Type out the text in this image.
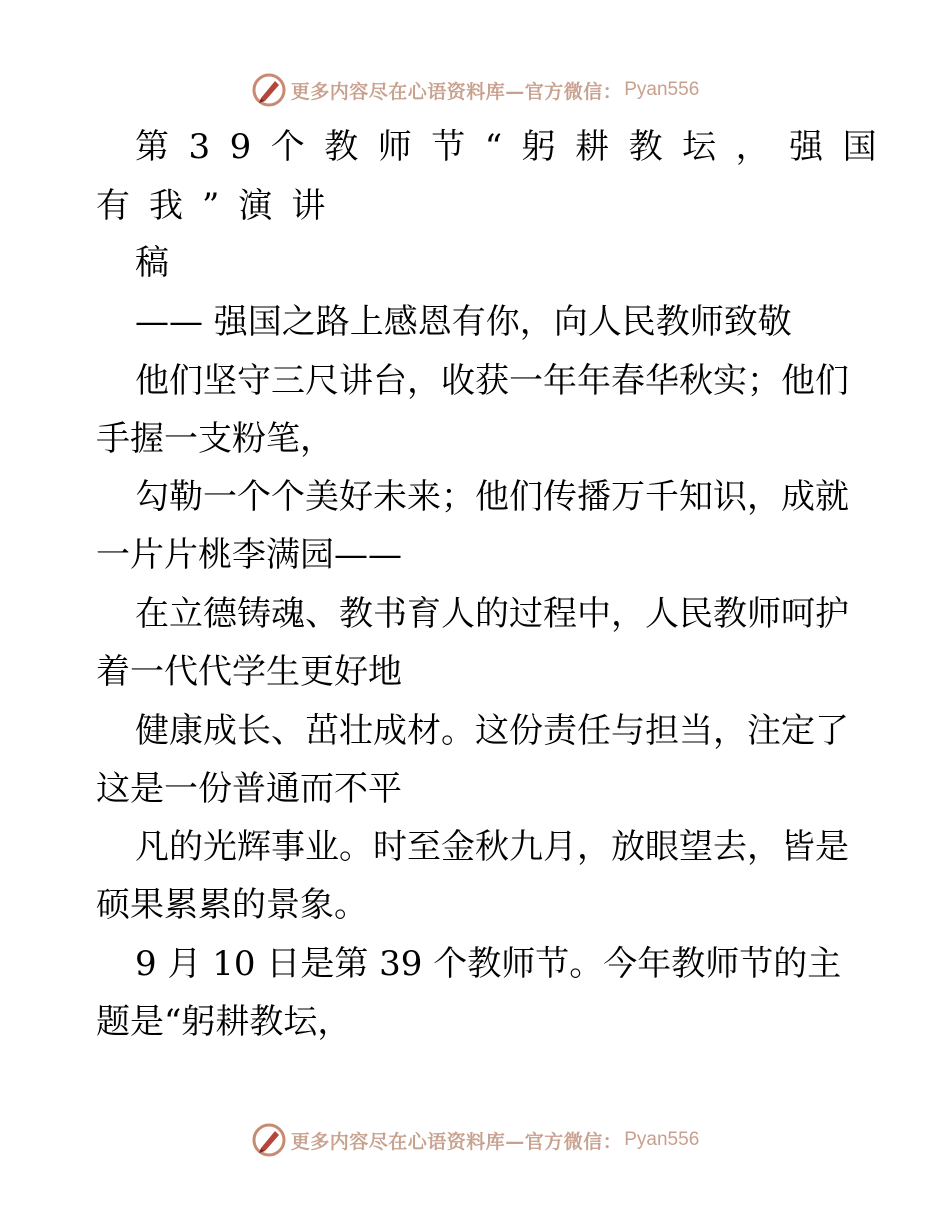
更多内容尽在心语资料库—官方微信： Pyan556
第39个教师节“躬耕教坛，强国
有我”演讲
稿
—— 强国之路上感恩有你，向人民教师致敬
他们坚守三尺讲台，收获一年年春华秋实；他们
手握一支粉笔，
勾勒一个个美好未来；他们传播万千知识，成就
一片片桃李满园——
在立德铸魂、教书育人的过程中，人民教师呵护
着一代代学生更好地
健康成长、茁壮成材。这份责任与担当，注定了
这是一份普通而不平
凡的光辉事业。时至金秋九月，放眼望去，皆是
硕果累累的景象。
9 月 10 日是第 39 个教师节。今年教师节的主
题是“躬耕教坛，
更多内容尽在心语资料库—官方微信： Pyan556
